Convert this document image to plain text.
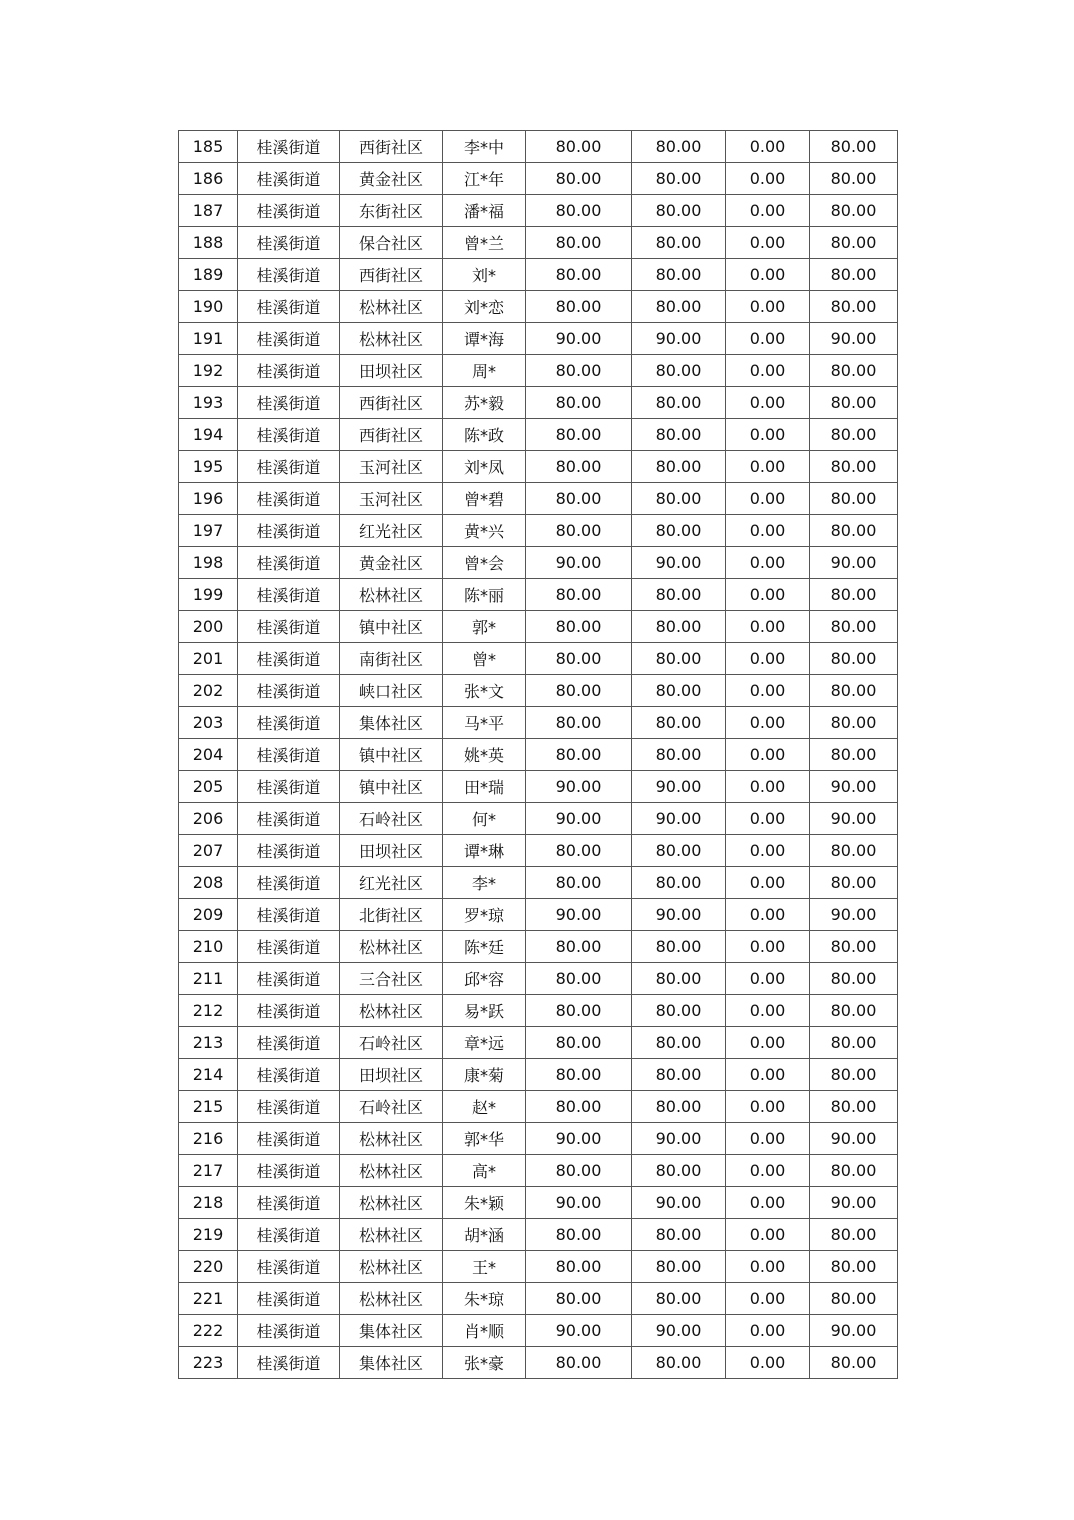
185	桂溪街道	西街社区	李*中	80.00	80.00	0.00	80.00
186	桂溪街道	黄金社区	江*年	80.00	80.00	0.00	80.00
187	桂溪街道	东街社区	潘*福	80.00	80.00	0.00	80.00
188	桂溪街道	保合社区	曾*兰	80.00	80.00	0.00	80.00
189	桂溪街道	西街社区	刘*	80.00	80.00	0.00	80.00
190	桂溪街道	松林社区	刘*恋	80.00	80.00	0.00	80.00
191	桂溪街道	松林社区	谭*海	90.00	90.00	0.00	90.00
192	桂溪街道	田坝社区	周*	80.00	80.00	0.00	80.00
193	桂溪街道	西街社区	苏*毅	80.00	80.00	0.00	80.00
194	桂溪街道	西街社区	陈*政	80.00	80.00	0.00	80.00
195	桂溪街道	玉河社区	刘*凤	80.00	80.00	0.00	80.00
196	桂溪街道	玉河社区	曾*碧	80.00	80.00	0.00	80.00
197	桂溪街道	红光社区	黄*兴	80.00	80.00	0.00	80.00
198	桂溪街道	黄金社区	曾*会	90.00	90.00	0.00	90.00
199	桂溪街道	松林社区	陈*丽	80.00	80.00	0.00	80.00
200	桂溪街道	镇中社区	郭*	80.00	80.00	0.00	80.00
201	桂溪街道	南街社区	曾*	80.00	80.00	0.00	80.00
202	桂溪街道	峡口社区	张*文	80.00	80.00	0.00	80.00
203	桂溪街道	集体社区	马*平	80.00	80.00	0.00	80.00
204	桂溪街道	镇中社区	姚*英	80.00	80.00	0.00	80.00
205	桂溪街道	镇中社区	田*瑞	90.00	90.00	0.00	90.00
206	桂溪街道	石岭社区	何*	90.00	90.00	0.00	90.00
207	桂溪街道	田坝社区	谭*琳	80.00	80.00	0.00	80.00
208	桂溪街道	红光社区	李*	80.00	80.00	0.00	80.00
209	桂溪街道	北街社区	罗*琼	90.00	90.00	0.00	90.00
210	桂溪街道	松林社区	陈*廷	80.00	80.00	0.00	80.00
211	桂溪街道	三合社区	邱*容	80.00	80.00	0.00	80.00
212	桂溪街道	松林社区	易*跃	80.00	80.00	0.00	80.00
213	桂溪街道	石岭社区	章*远	80.00	80.00	0.00	80.00
214	桂溪街道	田坝社区	康*菊	80.00	80.00	0.00	80.00
215	桂溪街道	石岭社区	赵*	80.00	80.00	0.00	80.00
216	桂溪街道	松林社区	郭*华	90.00	90.00	0.00	90.00
217	桂溪街道	松林社区	高*	80.00	80.00	0.00	80.00
218	桂溪街道	松林社区	朱*颖	90.00	90.00	0.00	90.00
219	桂溪街道	松林社区	胡*涵	80.00	80.00	0.00	80.00
220	桂溪街道	松林社区	王*	80.00	80.00	0.00	80.00
221	桂溪街道	松林社区	朱*琼	80.00	80.00	0.00	80.00
222	桂溪街道	集体社区	肖*顺	90.00	90.00	0.00	90.00
223	桂溪街道	集体社区	张*豪	80.00	80.00	0.00	80.00
